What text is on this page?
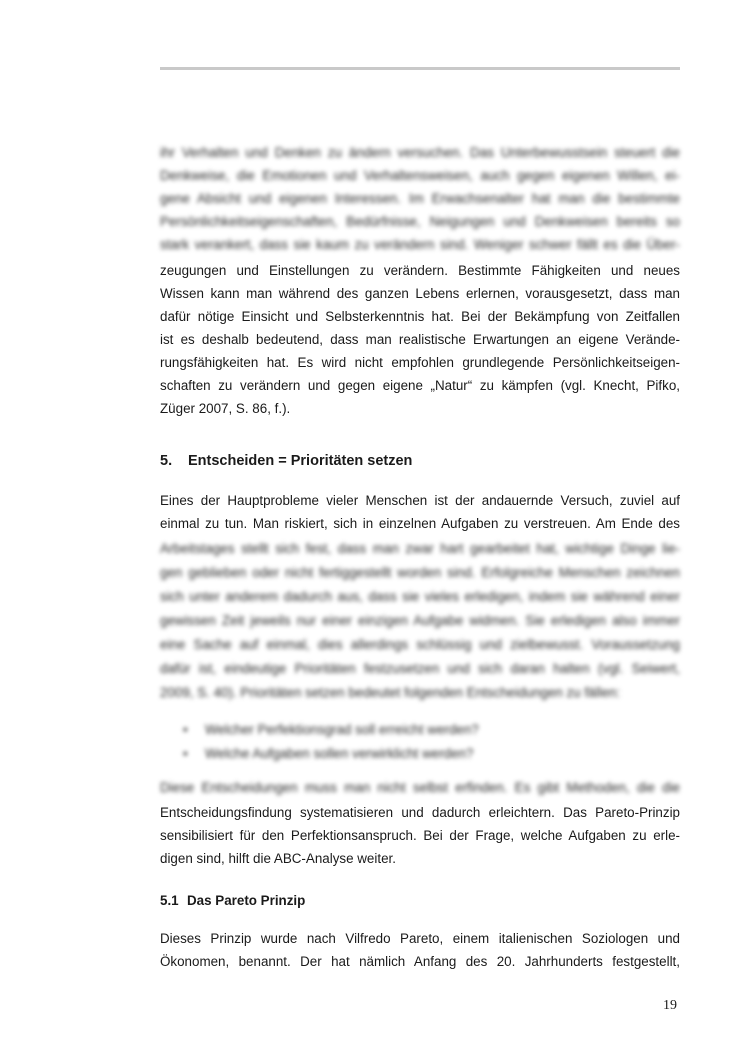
ihr Verhalten und Denken zu ändern versuchen. Das Unterbewusstsein steuert die
Denkweise, die Emotionen und Verhaltensweisen, auch gegen eigenen Willen, ei-
gene Absicht und eigenen Interessen. Im Erwachsenalter hat man die bestimmte
Persönlichkeitseigenschaften, Bedürfnisse, Neigungen und Denkweisen bereits so
stark verankert, dass sie kaum zu verändern sind. Weniger schwer fällt es die Über-
zeugungen und Einstellungen zu verändern. Bestimmte Fähigkeiten und neues
Wissen kann man während des ganzen Lebens erlernen, vorausgesetzt, dass man
dafür nötige Einsicht und Selbsterkenntnis hat. Bei der Bekämpfung von Zeitfallen
ist es deshalb bedeutend, dass man realistische Erwartungen an eigene Verände-
rungsfähigkeiten hat. Es wird nicht empfohlen grundlegende Persönlichkeitseigen-
schaften zu verändern und gegen eigene „Natur“ zu kämpfen (vgl. Knecht, Pifko,
Züger 2007, S. 86, f.).
5. Entscheiden = Prioritäten setzen
Eines der Hauptprobleme vieler Menschen ist der andauernde Versuch, zuviel auf
einmal zu tun. Man riskiert, sich in einzelnen Aufgaben zu verstreuen. Am Ende des
Arbeitstages stellt sich fest, dass man zwar hart gearbeitet hat, wichtige Dinge lie-
gen geblieben oder nicht fertiggestellt worden sind. Erfolgreiche Menschen zeichnen
sich unter anderem dadurch aus, dass sie vieles erledigen, indem sie während einer
gewissen Zeit jeweils nur einer einzigen Aufgabe widmen. Sie erledigen also immer
eine Sache auf einmal, dies allerdings schlüssig und zielbewusst. Voraussetzung
dafür ist, eindeutige Prioritäten festzusetzen und sich daran halten (vgl. Seiwert,
2009, S. 40). Prioritäten setzen bedeutet folgenden Entscheidungen zu fällen:
• Welcher Perfektionsgrad soll erreicht werden?
• Welche Aufgaben sollen verwirklicht werden?
Diese Entscheidungen muss man nicht selbst erfinden. Es gibt Methoden, die die
Entscheidungsfindung systematisieren und dadurch erleichtern. Das Pareto-Prinzip
sensibilisiert für den Perfektionsanspruch. Bei der Frage, welche Aufgaben zu erle-
digen sind, hilft die ABC-Analyse weiter.
5.1 Das Pareto Prinzip
Dieses Prinzip wurde nach Vilfredo Pareto, einem italienischen Soziologen und
Ökonomen, benannt. Der hat nämlich Anfang des 20. Jahrhunderts festgestellt,
19
